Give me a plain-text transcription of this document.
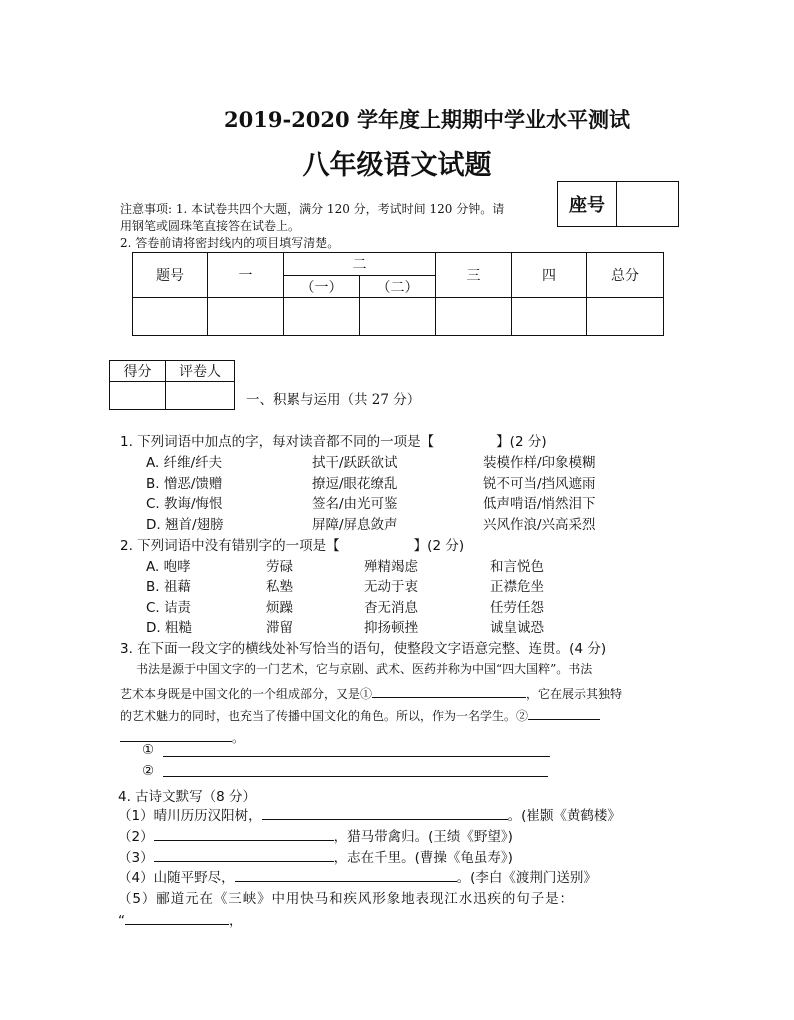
2019-2020 学年度上期期中学业水平测试
八年级语文试题
座号
注意事项: 1. 本试卷共四个大题，满分 120 分，考试时间 120 分钟。请
用钢笔或圆珠笔直接答在试卷上。
2. 答卷前请将密封线内的项目填写清楚。
题号	一	二		三	四	总分
		（一）	（二）			

得分	评卷人

一、积累与运用（共 27 分）
1. 下列词语中加点的字，每对读音都不同的一项是【	】(2 分)
A. 纤维/纤夫	拭干/跃跃欲试	装模作样/印象模糊
B. 憎恶/馈赠	撩逗/眼花缭乱	锐不可当/挡风遮雨
C. 教诲/悔恨	签名/由光可鉴	低声啃语/悄然泪下
D. 翘首/翅膀	屏障/屏息敛声	兴风作浪/兴高采烈
2. 下列词语中没有错别字的一项是【	】(2 分)
A. 咆哮	劳碌	殚精竭虑	和言悦色
B. 祖藉	私塾	无动于衷	正襟危坐
C. 诘责	烦躁	杳无消息	任劳任怨
D. 粗糙	滞留	抑扬顿挫	诚皇诚恐
3. 在下面一段文字的横线处补写恰当的语句，使整段文字语意完整、连贯。(4 分)
书法是源于中国文字的一门艺术，它与京剧、武术、医药并称为中国“四大国粹”。书法
艺术本身既是中国文化的一个组成部分，又是①	，它在展示其独特
的艺术魅力的同时，也充当了传播中国文化的角色。所以，作为一名学生。②
。
①
②
4. 古诗文默写（8 分）
（1）晴川历历汉阳树，	。(崔颢《黄鹤楼》
（2）	，猎马带禽归。(王绩《野望》)
（3）	，志在千里。(曹操《龟虽寿》)
（4）山随平野尽，	。(李白《渡荆门送别》
（5）郦道元在《三峡》中用快马和疾风形象地表现江水迅疾的句子是：
“	，
